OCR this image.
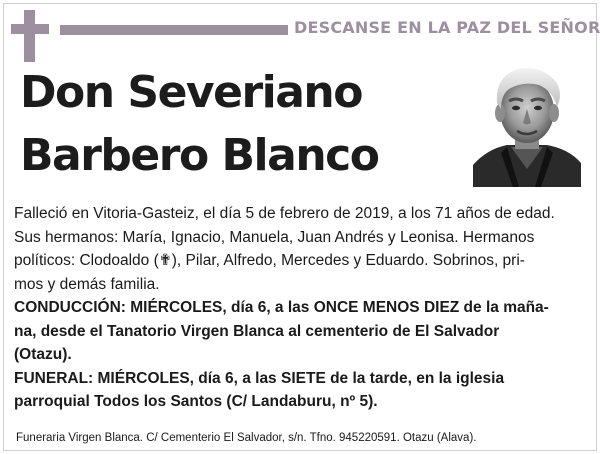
DESCANSE EN LA PAZ DEL SEÑOR
Don Severiano
Barbero Blanco
Falleció en Vitoria-Gasteiz, el día 5 de febrero de 2019, a los 71 años de edad.
Sus hermanos: María, Ignacio, Manuela, Juan Andrés y Leonisa. Hermanos
políticos: Clodoaldo (✟), Pilar, Alfredo, Mercedes y Eduardo. Sobrinos, pri-
mos y demás familia.
CONDUCCIÓN: MIÉRCOLES, día 6, a las ONCE MENOS DIEZ de la maña-
na, desde el Tanatorio Virgen Blanca al cementerio de El Salvador
(Otazu).
FUNERAL: MIÉRCOLES, día 6, a las SIETE de la tarde, en la iglesia
parroquial Todos los Santos (C/ Landaburu, nº 5).
Funeraria Virgen Blanca. C/ Cementerio El Salvador, s/n. Tfno. 945220591. Otazu (Alava).
